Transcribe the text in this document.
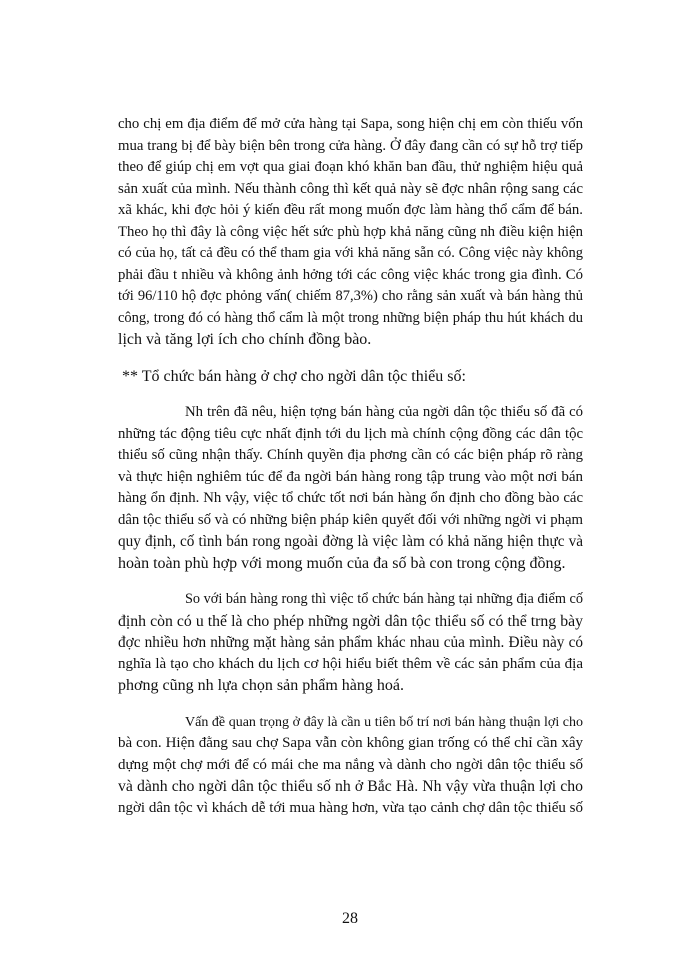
cho chị em địa điểm để mở cửa hàng tại Sapa, song hiện chị em còn thiếu vốn
mua trang bị để bày biện bên trong cửa hàng. Ở đây đang cần có sự hỗ trợ tiếp
theo để giúp chị em vợt qua giai đoạn khó khăn ban đầu, thử nghiệm hiệu quả
sản xuất của mình. Nếu thành công thì kết quả này sẽ đợc nhân rộng sang các
xã khác, khi đợc hỏi ý kiến đều rất mong muốn đợc làm hàng thổ cẩm để bán.
Theo họ thì đây là công việc hết sức phù hợp khả năng cũng nh điều kiện hiện
có của họ, tất cả đều có thể tham gia với khả năng sẵn có. Công việc này không
phải đầu t nhiều và không ảnh hởng tới các công việc khác trong gia đình. Có
tới 96/110 hộ đợc phỏng vấn( chiếm 87,3%) cho rằng sản xuất và bán hàng thủ
công, trong đó có hàng thổ cẩm là một trong những biện pháp thu hút khách du
lịch và tăng lợi ích cho chính đồng bào.
** Tổ chức bán hàng ở chợ cho ngời dân tộc thiểu số:
Nh trên đã nêu, hiện tợng bán hàng của ngời dân tộc thiểu số đã có
những tác động tiêu cực nhất định tới du lịch mà chính cộng đồng các dân tộc
thiểu số cũng nhận thấy. Chính quyền địa phơng cần có các biện pháp rõ ràng
và thực hiện nghiêm túc để đa ngời bán hàng rong tập trung vào một nơi bán
hàng ổn định. Nh vậy, việc tổ chức tốt nơi bán hàng ổn định cho đồng bào các
dân tộc thiểu số và có những biện pháp kiên quyết đối với những ngời vi phạm
quy định, cố tình bán rong ngoài đờng là việc làm có khả năng hiện thực và
hoàn toàn phù hợp với mong muốn của đa số bà con trong cộng đồng.
So với bán hàng rong thì việc tổ chức bán hàng tại những địa điểm cố
định còn có u thế là cho phép những ngời dân tộc thiểu số có thể trng bày
đợc nhiều hơn những mặt hàng sản phẩm khác nhau của mình. Điều này có
nghĩa là tạo cho khách du lịch cơ hội hiểu biết thêm về các sản phẩm của địa
phơng cũng nh lựa chọn sản phẩm hàng hoá.
Vấn đề quan trọng ở đây là cần u tiên bố trí nơi bán hàng thuận lợi cho
bà con. Hiện đằng sau chợ Sapa vẫn còn không gian trống có thể chỉ cần xây
dựng một chợ mới để có mái che ma nắng và dành cho ngời dân tộc thiểu số
và dành cho ngời dân tộc thiểu số nh ở Bắc Hà. Nh vậy vừa thuận lợi cho
ngời dân tộc vì khách dễ tới mua hàng hơn, vừa tạo cảnh chợ dân tộc thiểu số
28
